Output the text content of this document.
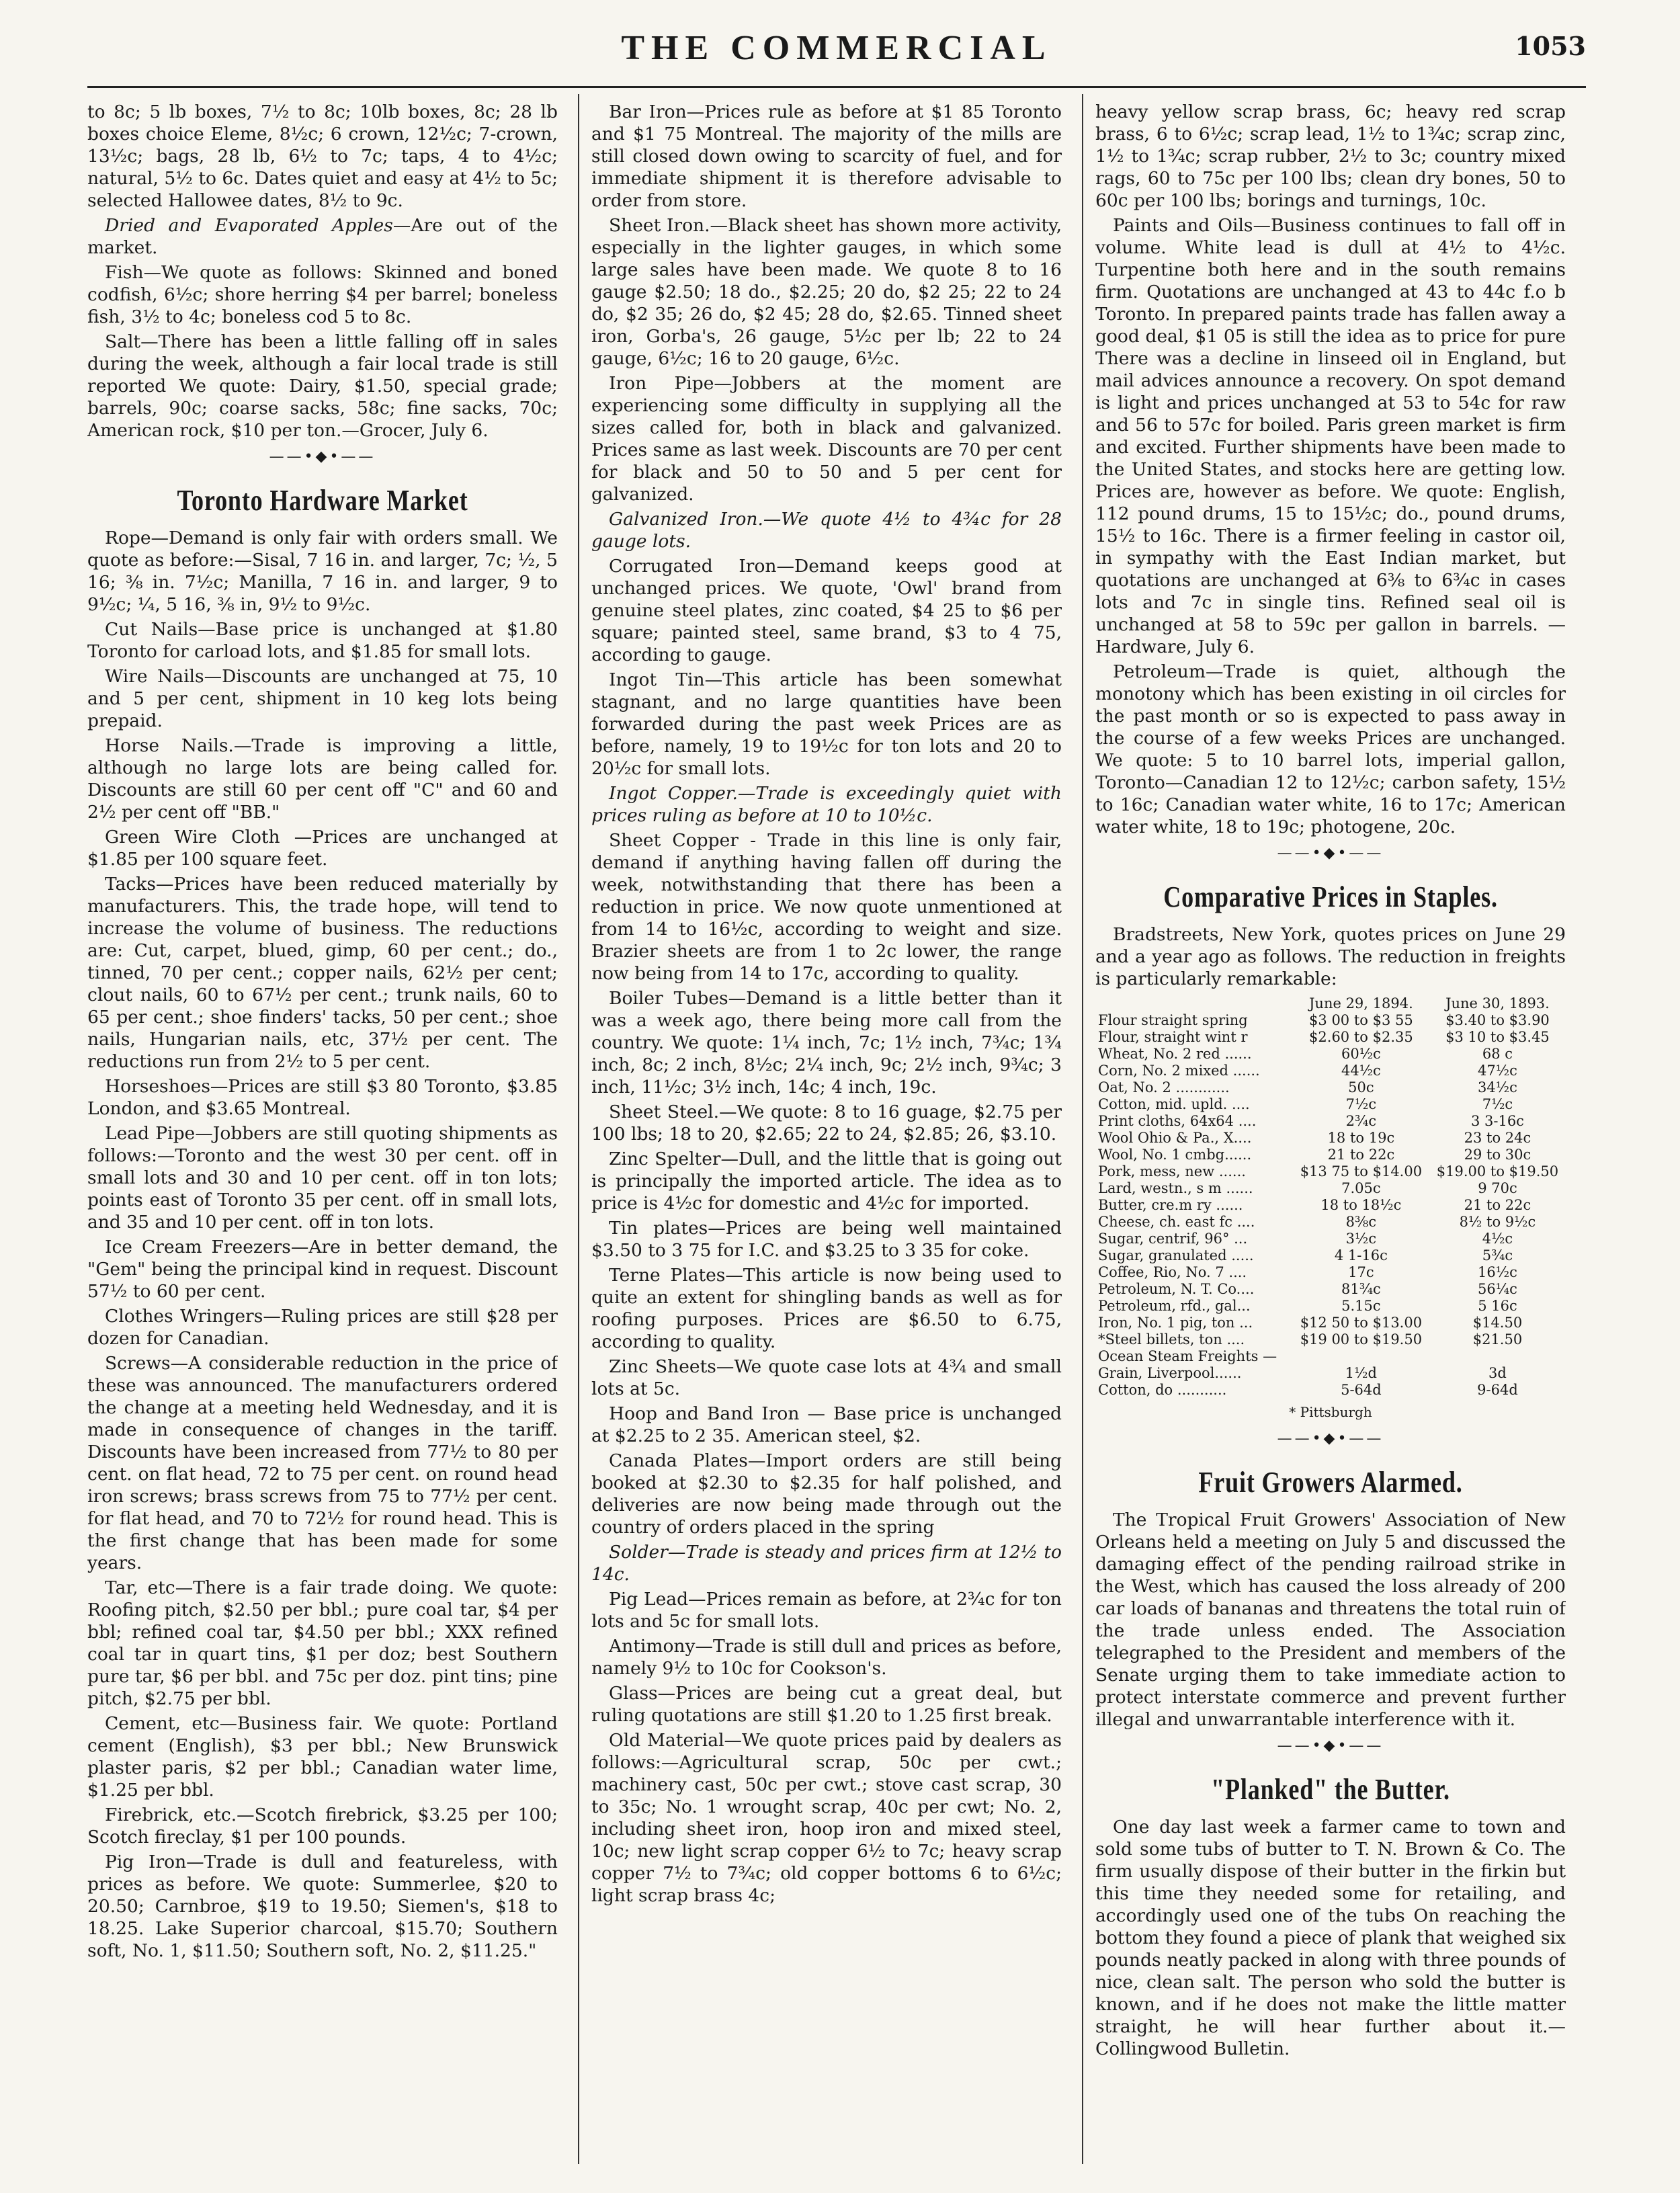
THE COMMERCIAL	1053

to 8c; 5 lb boxes, 7½ to 8c; 10lb boxes, 8c; 28 lb boxes choice Eleme, 8½c; 6 crown, 12½c; 7-crown, 13½c; bags, 28 lb, 6½ to 7c; taps, 4 to 4½c; natural, 5½ to 6c. Dates quiet and easy at 4½ to 5c; selected Hallowee dates, 8½ to 9c.

Dried and Evaporated Apples—Are out of the market.

Fish—We quote as follows: Skinned and boned codfish, 6½c; shore herring $4 per barrel; boneless fish, 3½ to 4c; boneless cod 5 to 8c.

Salt—There has been a little falling off in sales during the week, although a fair local trade is still reported We quote: Dairy, $1.50, special grade; barrels, 90c; coarse sacks, 58c; fine sacks, 70c; American rock, $10 per ton.—Grocer, July 6.

——•◆•——
Toronto Hardware Market

Rope—Demand is only fair with orders small. We quote as before:—Sisal, 7 16 in. and larger, 7c; ½, 5 16; ⅜ in. 7½c; Manilla, 7 16 in. and larger, 9 to 9½c; ¼, 5 16, ⅜ in, 9½ to 9½c.

Cut Nails—Base price is unchanged at $1.80 Toronto for carload lots, and $1.85 for small lots.

Wire Nails—Discounts are unchanged at 75, 10 and 5 per cent, shipment in 10 keg lots being prepaid.

Horse Nails.—Trade is improving a little, although no large lots are being called for. Discounts are still 60 per cent off "C" and 60 and 2½ per cent off "BB."

Green Wire Cloth —Prices are unchanged at $1.85 per 100 square feet.

Tacks—Prices have been reduced materially by manufacturers. This, the trade hope, will tend to increase the volume of business. The reductions are: Cut, carpet, blued, gimp, 60 per cent.; do., tinned, 70 per cent.; copper nails, 62½ per cent; clout nails, 60 to 67½ per cent.; trunk nails, 60 to 65 per cent.; shoe finders' tacks, 50 per cent.; shoe nails, Hungarian nails, etc, 37½ per cent. The reductions run from 2½ to 5 per cent.

Horseshoes—Prices are still $3 80 Toronto, $3.85 London, and $3.65 Montreal.

Lead Pipe—Jobbers are still quoting shipments as follows:—Toronto and the west 30 per cent. off in small lots and 30 and 10 per cent. off in ton lots; points east of Toronto 35 per cent. off in small lots, and 35 and 10 per cent. off in ton lots.

Ice Cream Freezers—Are in better demand, the "Gem" being the principal kind in request. Discount 57½ to 60 per cent.

Clothes Wringers—Ruling prices are still $28 per dozen for Canadian.

Screws—A considerable reduction in the price of these was announced. The manufacturers ordered the change at a meeting held Wednesday, and it is made in consequence of changes in the tariff. Discounts have been increased from 77½ to 80 per cent. on flat head, 72 to 75 per cent. on round head iron screws; brass screws from 75 to 77½ per cent. for flat head, and 70 to 72½ for round head. This is the first change that has been made for some years.

Tar, etc—There is a fair trade doing. We quote: Roofing pitch, $2.50 per bbl.; pure coal tar, $4 per bbl; refined coal tar, $4.50 per bbl.; XXX refined coal tar in quart tins, $1 per doz; best Southern pure tar, $6 per bbl. and 75c per doz. pint tins; pine pitch, $2.75 per bbl.

Cement, etc—Business fair. We quote: Portland cement (English), $3 per bbl.; New Brunswick plaster paris, $2 per bbl.; Canadian water lime, $1.25 per bbl.

Firebrick, etc.—Scotch firebrick, $3.25 per 100; Scotch fireclay, $1 per 100 pounds.

Pig Iron—Trade is dull and featureless, with prices as before. We quote: Summerlee, $20 to 20.50; Carnbroe, $19 to 19.50; Siemen's, $18 to 18.25. Lake Superior charcoal, $15.70; Southern soft, No. 1, $11.50; Southern soft, No. 2, $11.25."

Bar Iron—Prices rule as before at $1 85 Toronto and $1 75 Montreal. The majority of the mills are still closed down owing to scarcity of fuel, and for immediate shipment it is therefore advisable to order from store.

Sheet Iron.—Black sheet has shown more activity, especially in the lighter gauges, in which some large sales have been made. We quote 8 to 16 gauge $2.50; 18 do., $2.25; 20 do, $2 25; 22 to 24 do, $2 35; 26 do, $2 45; 28 do, $2.65. Tinned sheet iron, Gorba's, 26 gauge, 5½c per lb; 22 to 24 gauge, 6½c; 16 to 20 gauge, 6½c.

Iron Pipe—Jobbers at the moment are experiencing some difficulty in supplying all the sizes called for, both in black and galvanized. Prices same as last week. Discounts are 70 per cent for black and 50 to 50 and 5 per cent for galvanized.

Galvanized Iron.—We quote 4½ to 4¾c for 28 gauge lots.

Corrugated Iron—Demand keeps good at unchanged prices. We quote, 'Owl' brand from genuine steel plates, zinc coated, $4 25 to $6 per square; painted steel, same brand, $3 to 4 75, according to gauge.

Ingot Tin—This article has been somewhat stagnant, and no large quantities have been forwarded during the past week Prices are as before, namely, 19 to 19½c for ton lots and 20 to 20½c for small lots.

Ingot Copper.—Trade is exceedingly quiet with prices ruling as before at 10 to 10½c.

Sheet Copper - Trade in this line is only fair, demand if anything having fallen off during the week, notwithstanding that there has been a reduction in price. We now quote unmentioned at from 14 to 16½c, according to weight and size. Brazier sheets are from 1 to 2c lower, the range now being from 14 to 17c, according to quality.

Boiler Tubes—Demand is a little better than it was a week ago, there being more call from the country. We quote: 1¼ inch, 7c; 1½ inch, 7¾c; 1¾ inch, 8c; 2 inch, 8½c; 2¼ inch, 9c; 2½ inch, 9¾c; 3 inch, 11½c; 3½ inch, 14c; 4 inch, 19c.

Sheet Steel.—We quote: 8 to 16 guage, $2.75 per 100 lbs; 18 to 20, $2.65; 22 to 24, $2.85; 26, $3.10.

Zinc Spelter—Dull, and the little that is going out is principally the imported article. The idea as to price is 4½c for domestic and 4½c for imported.

Tin plates—Prices are being well maintained $3.50 to 3 75 for I.C. and $3.25 to 3 35 for coke.

Terne Plates—This article is now being used to quite an extent for shingling bands as well as for roofing purposes. Prices are $6.50 to 6.75, according to quality.

Zinc Sheets—We quote case lots at 4¾ and small lots at 5c.

Hoop and Band Iron — Base price is unchanged at $2.25 to 2 35. American steel, $2.

Canada Plates—Import orders are still being booked at $2.30 to $2.35 for half polished, and deliveries are now being made through out the country of orders placed in the spring

Solder—Trade is steady and prices firm at 12½ to 14c.

Pig Lead—Prices remain as before, at 2¾c for ton lots and 5c for small lots.

Antimony—Trade is still dull and prices as before, namely 9½ to 10c for Cookson's.

Glass—Prices are being cut a great deal, but ruling quotations are still $1.20 to 1.25 first break.

Old Material—We quote prices paid by dealers as follows:—Agricultural scrap, 50c per cwt.; machinery cast, 50c per cwt.; stove cast scrap, 30 to 35c; No. 1 wrought scrap, 40c per cwt; No. 2, including sheet iron, hoop iron and mixed steel, 10c; new light scrap copper 6½ to 7c; heavy scrap copper 7½ to 7¾c; old copper bottoms 6 to 6½c; light scrap brass 4c;

heavy yellow scrap brass, 6c; heavy red scrap brass, 6 to 6½c; scrap lead, 1½ to 1¾c; scrap zinc, 1½ to 1¾c; scrap rubber, 2½ to 3c; country mixed rags, 60 to 75c per 100 lbs; clean dry bones, 50 to 60c per 100 lbs; borings and turnings, 10c.

Paints and Oils—Business continues to fall off in volume. White lead is dull at 4½ to 4½c. Turpentine both here and in the south remains firm. Quotations are unchanged at 43 to 44c f.o b Toronto. In prepared paints trade has fallen away a good deal, $1 05 is still the idea as to price for pure There was a decline in linseed oil in England, but mail advices announce a recovery. On spot demand is light and prices unchanged at 53 to 54c for raw and 56 to 57c for boiled. Paris green market is firm and excited. Further shipments have been made to the United States, and stocks here are getting low. Prices are, however as before. We quote: English, 112 pound drums, 15 to 15½c; do., pound drums, 15½ to 16c. There is a firmer feeling in castor oil, in sympathy with the East Indian market, but quotations are unchanged at 6⅜ to 6¾c in cases lots and 7c in single tins. Refined seal oil is unchanged at 58 to 59c per gallon in barrels. —Hardware, July 6.

Petroleum—Trade is quiet, although the monotony which has been existing in oil circles for the past month or so is expected to pass away in the course of a few weeks Prices are unchanged. We quote: 5 to 10 barrel lots, imperial gallon, Toronto—Canadian 12 to 12½c; carbon safety, 15½ to 16c; Canadian water white, 16 to 17c; American water white, 18 to 19c; photogene, 20c.

——•◆•——
Comparative Prices in Staples.

Bradstreets, New York, quotes prices on June 29 and a year ago as follows. The reduction in freights is particularly remarkable:

	June 29, 1894.	June 30, 1893.
Flour straight spring	$3 00 to $3 55	$3.40 to $3.90
Flour, straight wint r	$2.60 to $2.35	$3 10 to $3.45
Wheat, No. 2 red ......	60½c	68 c
Corn, No. 2 mixed ......	44½c	47½c
Oat, No. 2 ............	50c	34½c
Cotton, mid. upld. ....	7½c	7½c
Print cloths, 64x64 ....	2¾c	3 3-16c
Wool Ohio & Pa., X....	18 to 19c	23 to 24c
Wool, No. 1 cmbg......	21 to 22c	29 to 30c
Pork, mess, new ......	$13 75 to $14.00	$19.00 to $19.50
Lard, westn., s m ......	7.05c	9 70c
Butter, cre.m ry ......	18 to 18½c	21 to 22c
Cheese, ch. east fc ....	8⅜c	8½ to 9½c
Sugar, centrif, 96° ...	3½c	4½c
Sugar, granulated .....	4 1-16c	5¾c
Coffee, Rio, No. 7 ....	17c	16½c
Petroleum, N. T. Co....	81¾c	56¼c
Petroleum, rfd., gal...	5.15c	5 16c
Iron, No. 1 pig, ton ...	$12 50 to $13.00	$14.50
*Steel billets, ton ....	$19 00 to $19.50	$21.50
Ocean Steam Freights —		
Grain, Liverpool......	1½d	3d
Cotton, do ...........	5-64d	9-64d
* Pittsburgh
——•◆•——
Fruit Growers Alarmed.

The Tropical Fruit Growers' Association of New Orleans held a meeting on July 5 and discussed the damaging effect of the pending railroad strike in the West, which has caused the loss already of 200 car loads of bananas and threatens the total ruin of the trade unless ended. The Association telegraphed to the President and members of the Senate urging them to take immediate action to protect interstate commerce and prevent further illegal and unwarrantable interference with it.

——•◆•——
"Planked" the Butter.

One day last week a farmer came to town and sold some tubs of butter to T. N. Brown & Co. The firm usually dispose of their butter in the firkin but this time they needed some for retailing, and accordingly used one of the tubs On reaching the bottom they found a piece of plank that weighed six pounds neatly packed in along with three pounds of nice, clean salt. The person who sold the butter is known, and if he does not make the little matter straight, he will hear further about it.—Collingwood Bulletin.
